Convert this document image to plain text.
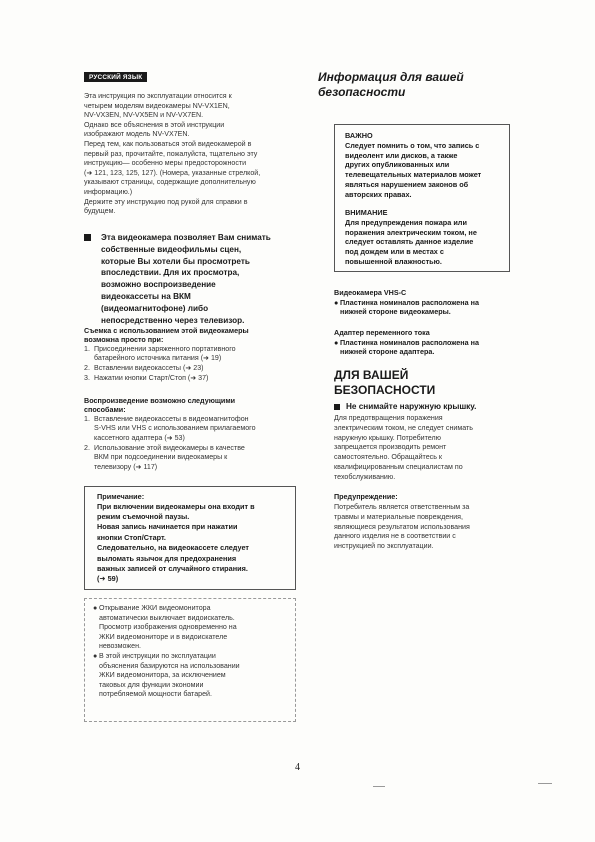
РУССКИЙ ЯЗЫК

Эта инструкция по эксплуатации относится к

четырем моделям видеокамеры NV-VX1EN,

NV-VX3EN, NV-VX5EN и NV-VX7EN.

Однако все объяснения в этой инструкции

изображают модель NV-VX7EN.

Перед тем, как пользоваться этой видеокамерой в

первый раз, прочитайте, пожалуйста, тщательно эту

инструкцию— особенно меры предосторожности

(➜ 121, 123, 125, 127). (Номера, указанные стрелкой,

указывают страницы, содержащие дополнительную

информацию.)

Держите эту инструкцию под рукой для справки в

будущем.

Эта видеокамера позволяет Вам снимать

собственные видеофильмы сцен,

которые Вы хотели бы просмотреть

впоследствии. Для их просмотра,

возможно воспроизведение

видеокассеты на ВКМ

(видеомагнитофоне) либо

непосредственно через телевизор.

Съемка с использованием этой видеокамеры

возможна просто при:

1. Присоединении заряженного портативного

батарейного источника питания (➜ 19)

2. Вставлении видеокассеты (➜ 23)

3. Нажатии кнопки Старт/Стоп (➜ 37)

Воспроизведение возможно следующими

способами:

1. Вставление видеокассеты в видеомагнитофон

S-VHS или VHS с использованием прилагаемого

кассетного адаптера (➜ 53)

2. Использование этой видеокамеры в качестве

ВКМ при подсоединении видеокамеры к

телевизору (➜ 117)

Примечание:

При включении видеокамеры она входит в

режим съемочной паузы.

Новая запись начинается при нажатии

кнопки Стоп/Старт.

Следовательно, на видеокассете следует

выломать язычок для предохранения

важных записей от случайного стирания.

(➜ 59)

● Открывание ЖКИ видеомонитора

автоматически выключает видоискатель.

Просмотр изображения одновременно на

ЖКИ видеомониторе и в видоискателе

невозможен.

● В этой инструкции по эксплуатации

объяснения базируются на использовании

ЖКИ видеомонитора, за исключением

таковых для функции экономии

потребляемой мощности батарей.

Информация для вашей

безопасности

ВАЖНО

Следует помнить о том, что запись с

видеолент или дисков, а также

других опубликованных или

телевещательных материалов может

являться нарушением законов об

авторских правах.

ВНИМАНИЕ

Для предупреждения пожара или

поражения электрическим током, не

следует оставлять данное изделие

под дождем или в местах с

повышенной влажностью.

Видеокамера VHS-C
● Пластинка номиналов расположена на

нижней стороне видеокамеры.

Адаптер переменного тока
● Пластинка номиналов расположена на

нижней стороне адаптера.

ДЛЯ ВАШЕЙ

БЕЗОПАСНОСТИ

Не снимайте наружную крышку.

Для предотвращения поражения

электрическим током, не следует снимать

наружную крышку. Потребителю

запрещается производить ремонт

самостоятельно. Обращайтесь к

квалифицированным специалистам по

техобслуживанию.

Предупреждение:

Потребитель является ответственным за

травмы и материальные повреждения,

являющиеся результатом использования

данного изделия не в соответствии с

инструкцией по эксплуатации.

4
